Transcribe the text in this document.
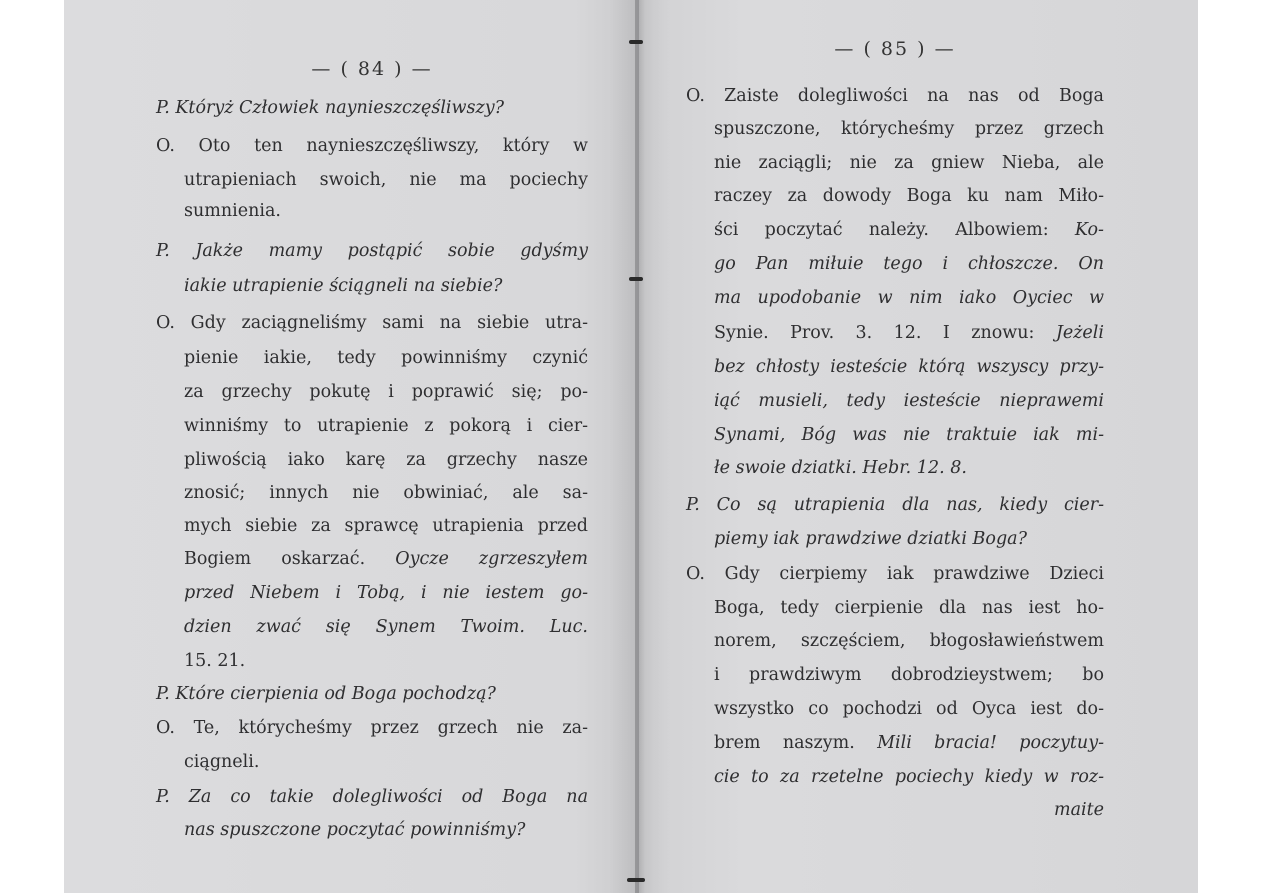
— ( 84 ) —
P. Któryż Człowiek naynieszczęśliwszy?
O. Oto ten naynieszczęśliwszy, który w
utrapieniach swoich, nie ma pociechy
sumnienia.
P. Jakże mamy postąpić sobie gdyśmy
iakie utrapienie ściągneli na siebie?
O. Gdy zaciągneliśmy sami na siebie utra-
pienie iakie, tedy powinniśmy czynić
za grzechy pokutę i poprawić się; po-
winniśmy to utrapienie z pokorą i cier-
pliwością iako karę za grzechy nasze
znosić; innych nie obwiniać, ale sa-
mych siebie za sprawcę utrapienia przed
Bogiem oskarzać. Oycze zgrzeszyłem
przed Niebem i Tobą, i nie iestem go-
dzien zwać się Synem Twoim. Luc.
15. 21.
P. Które cierpienia od Boga pochodzą?
O. Te, którycheśmy przez grzech nie za-
ciągneli.
P. Za co takie dolegliwości od Boga na
nas spuszczone poczytać powinniśmy?
— ( 85 ) —
O. Zaiste dolegliwości na nas od Boga
spuszczone, którycheśmy przez grzech
nie zaciągli; nie za gniew Nieba, ale
raczey za dowody Boga ku nam Miło-
ści poczytać należy. Albowiem: Ko-
go Pan miłuie tego i chłoszcze. On
ma upodobanie w nim iako Oyciec w
Synie. Prov. 3. 12. I znowu: Jeżeli
bez chłosty iesteście którą wszyscy przy-
iąć musieli, tedy iesteście nieprawemi
Synami, Bóg was nie traktuie iak mi-
łe swoie dziatki. Hebr. 12. 8.
P. Co są utrapienia dla nas, kiedy cier-
piemy iak prawdziwe dziatki Boga?
O. Gdy cierpiemy iak prawdziwe Dzieci
Boga, tedy cierpienie dla nas iest ho-
norem, szczęściem, błogosławieństwem
i prawdziwym dobrodzieystwem; bo
wszystko co pochodzi od Oyca iest do-
brem naszym. Mili bracia! poczytuy-
cie to za rzetelne pociechy kiedy w roz-
maite
